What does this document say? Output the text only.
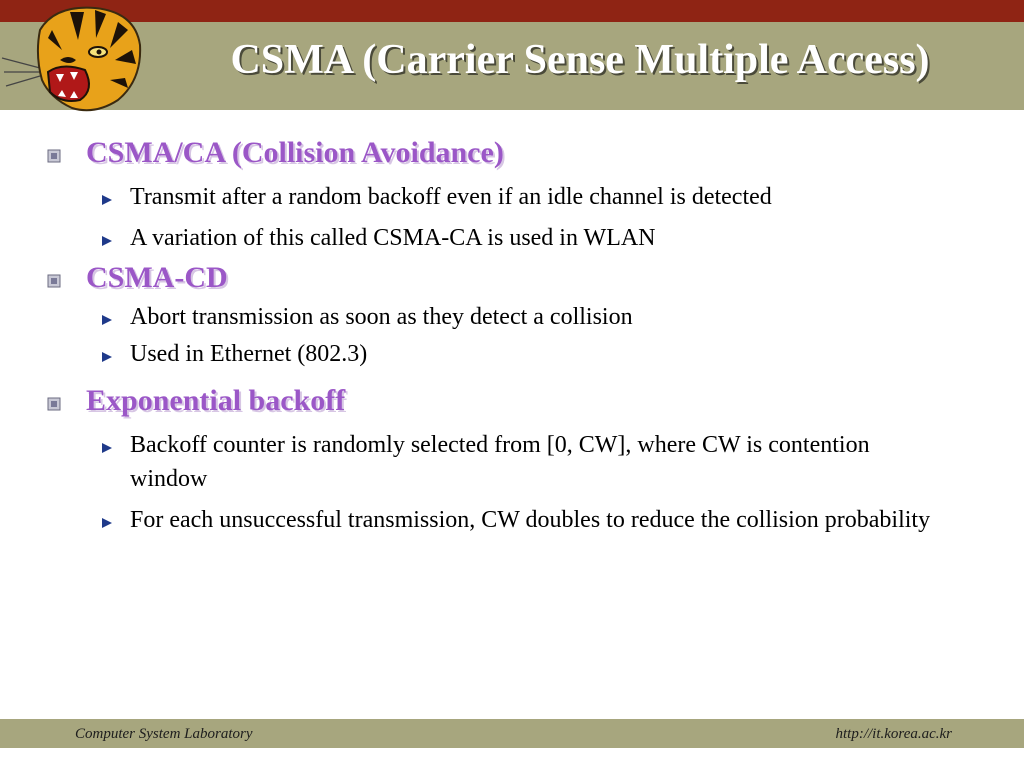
CSMA (Carrier Sense Multiple Access)
CSMA/CA (Collision Avoidance)
Transmit after a random backoff even if an idle channel is detected
A variation of this called CSMA-CA is used in WLAN
CSMA-CD
Abort transmission as soon as they detect a collision
Used in Ethernet (802.3)
Exponential backoff
Backoff counter is randomly selected from [0, CW], where CW is contention window
For each unsuccessful transmission, CW doubles to reduce the collision probability
Computer System Laboratory	http://it.korea.ac.kr
